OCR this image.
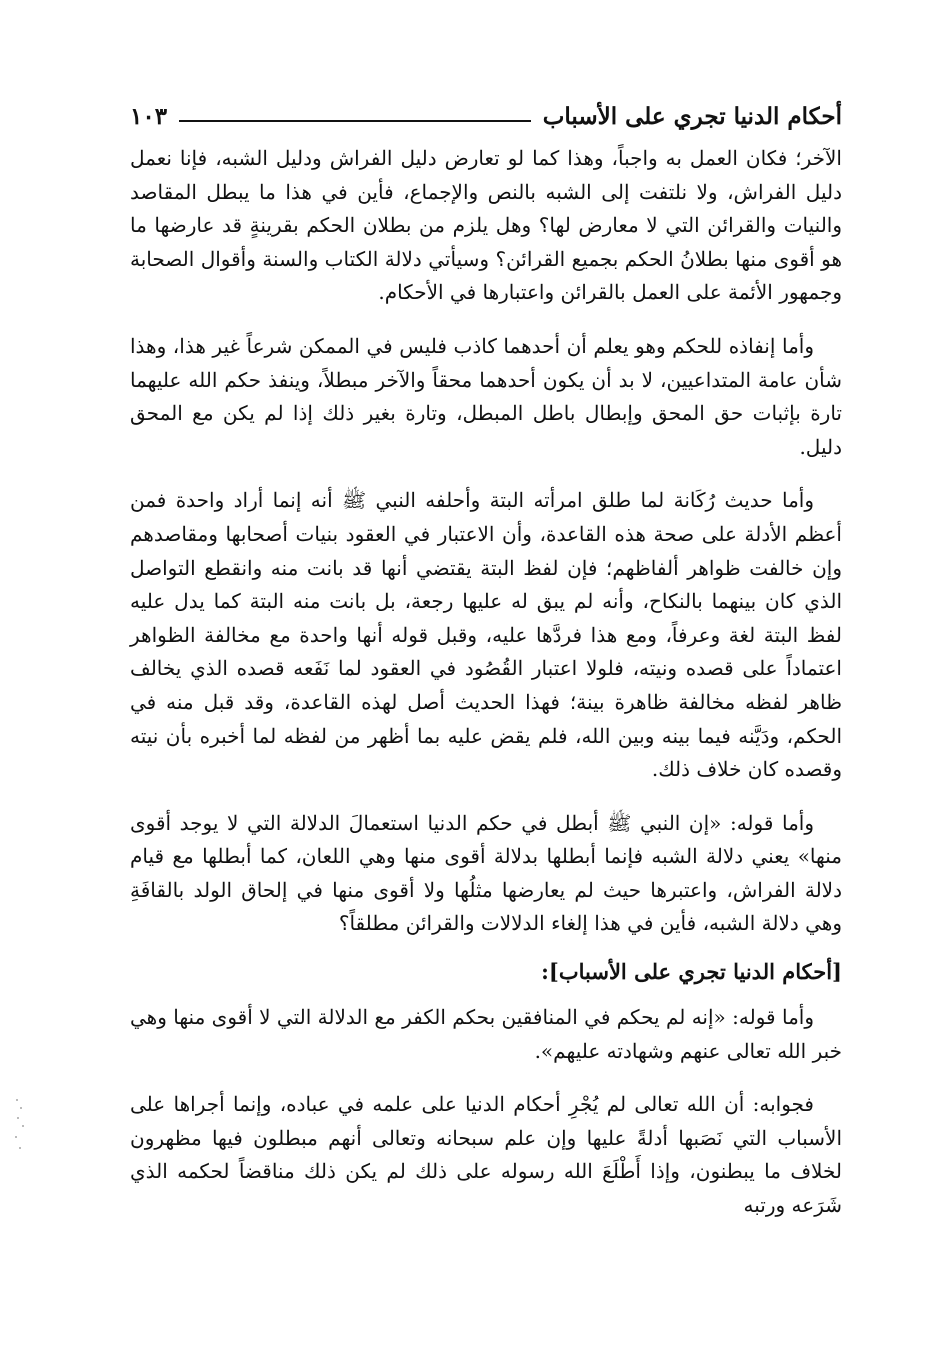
أحكام الدنيا تجري على الأسباب
١٠٣

الآخر؛ فكان العمل به واجباً، وهذا كما لو تعارض دليل الفراش ودليل الشبه، فإنا نعمل دليل الفراش، ولا نلتفت إلى الشبه بالنص والإجماع، فأين في هذا ما يبطل المقاصد والنيات والقرائن التي لا معارض لها؟ وهل يلزم من بطلان الحكم بقرينةٍ قد عارضها ما هو أقوى منها بطلانُ الحكم بجميع القرائن؟ وسيأتي دلالة الكتاب والسنة وأقوال الصحابة وجمهور الأئمة على العمل بالقرائن واعتبارها في الأحكام.

وأما إنفاذه للحكم وهو يعلم أن أحدهما كاذب فليس في الممكن شرعاً غير هذا، وهذا شأن عامة المتداعيين، لا بد أن يكون أحدهما محقاً والآخر مبطلاً، وينفذ حكم الله عليهما تارة بإثبات حق المحق وإبطال باطل المبطل، وتارة بغير ذلك إذا لم يكن مع المحق دليل.

وأما حديث رُكَانة لما طلق امرأته البتة وأحلفه النبي ﷺ أنه إنما أراد واحدة فمن أعظم الأدلة على صحة هذه القاعدة، وأن الاعتبار في العقود بنيات أصحابها ومقاصدهم وإن خالفت ظواهر ألفاظهم؛ فإن لفظ البتة يقتضي أنها قد بانت منه وانقطع التواصل الذي كان بينهما بالنكاح، وأنه لم يبق له عليها رجعة، بل بانت منه البتة كما يدل عليه لفظ البتة لغة وعرفاً، ومع هذا فردَّها عليه، وقبل قوله أنها واحدة مع مخالفة الظواهر اعتماداً على قصده ونيته، فلولا اعتبار القُصُود في العقود لما نَفَعه قصده الذي يخالف ظاهر لفظه مخالفة ظاهرة بينة؛ فهذا الحديث أصل لهذه القاعدة، وقد قبل منه في الحكم، ودَيَّنه فيما بينه وبين الله، فلم يقض عليه بما أظهر من لفظه لما أخبره بأن نيته وقصده كان خلاف ذلك.

وأما قوله: «إن النبي ﷺ أبطل في حكم الدنيا استعمالَ الدلالة التي لا يوجد أقوى منها» يعني دلالة الشبه فإنما أبطلها بدلالة أقوى منها وهي اللعان، كما أبطلها مع قيام دلالة الفراش، واعتبرها حيث لم يعارضها مثلُها ولا أقوى منها في إلحاق الولد بالقافَةِ وهي دلالة الشبه، فأين في هذا إلغاء الدلالات والقرائن مطلقاً؟

[أحكام الدنيا تجري على الأسباب]:

وأما قوله: «إنه لم يحكم في المنافقين بحكم الكفر مع الدلالة التي لا أقوى منها وهي خبر الله تعالى عنهم وشهادته عليهم».

فجوابه: أن الله تعالى لم يُجْرِ أحكام الدنيا على علمه في عباده، وإنما أجراها على الأسباب التي نَصَبها أدلةً عليها وإن علم سبحانه وتعالى أنهم مبطلون فيها مظهرون لخلاف ما يبطنون، وإذا أَطْلَعَ الله رسوله على ذلك لم يكن ذلك مناقضاً لحكمه الذي شَرَعه ورتبه
